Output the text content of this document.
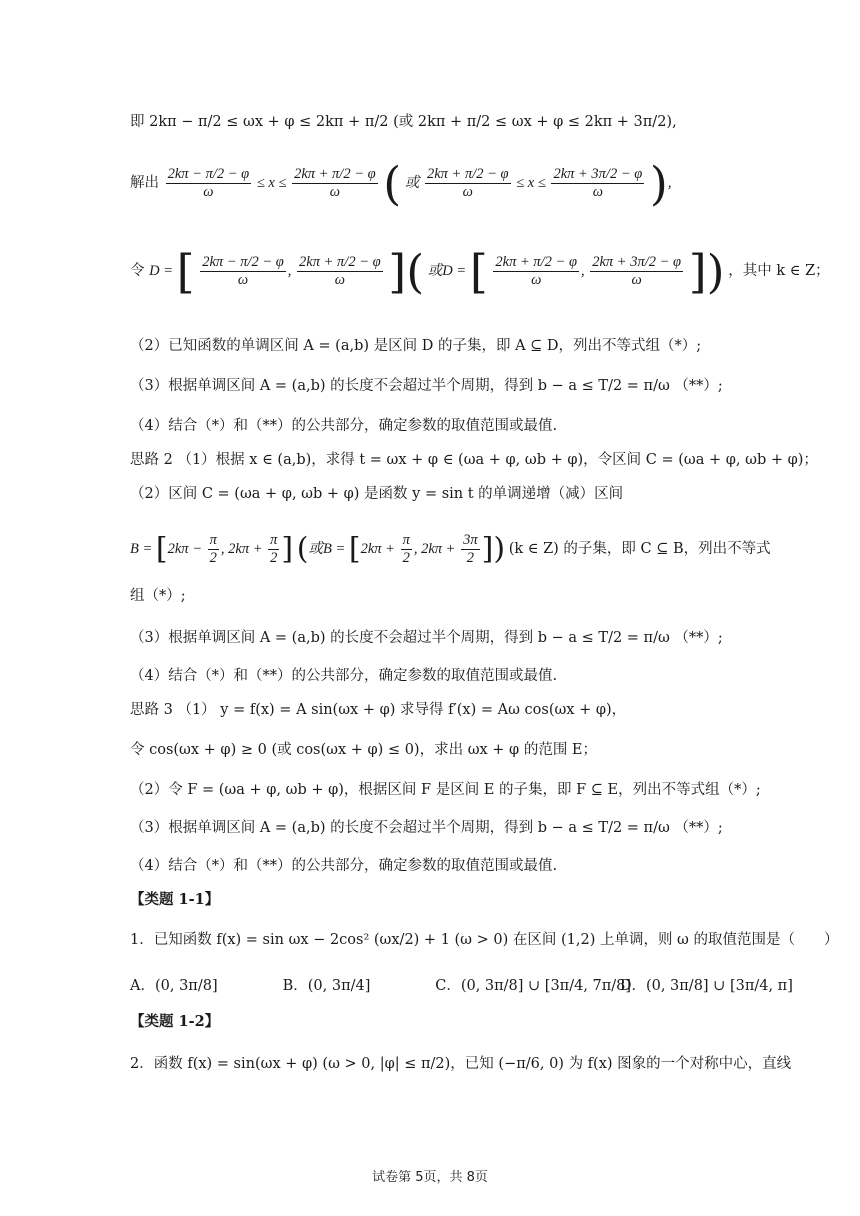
即 2kπ − π/2 ≤ ωx + φ ≤ 2kπ + π/2 (或 2kπ + π/2 ≤ ωx + φ ≤ 2kπ + 3π/2),
解出 $\frac{2k\pi - \pi/2 - \varphi}{\omega} \le x \le \frac{2k\pi + \pi/2 - \varphi}{\omega}$ ( 或 $\frac{2k\pi + \pi/2 - \varphi}{\omega} \le x \le \frac{2k\pi + 3\pi/2 - \varphi}{\omega}$ ),
令 D = [ $\frac{2k\pi - \pi/2 - \varphi}{\omega}$ , $\frac{2k\pi + \pi/2 - \varphi}{\omega}$ ]( 或D = [ $\frac{2k\pi + \pi/2 - \varphi}{\omega}$ , $\frac{2k\pi + 3\pi/2 - \varphi}{\omega}$ ]) ，其中 k ∈ Z；
（2）已知函数的单调区间 A = (a,b) 是区间 D 的子集，即 A ⊆ D，列出不等式组（*）;
（3）根据单调区间 A = (a,b) 的长度不会超过半个周期，得到 b − a ≤ T/2 = π/ω （**）;
（4）结合（*）和（**）的公共部分，确定参数的取值范围或最值.
思路 2 （1）根据 x ∈ (a,b)，求得 t = ωx + φ ∈ (ωa + φ, ωb + φ)，令区间 C = (ωa + φ, ωb + φ)；
（2）区间 C = (ωa + φ, ωb + φ) 是函数 y = sin t 的单调递增（减）区间
$B = [2k\pi - \frac{\pi}{2}$ , $2k\pi + \frac{\pi}{2}$ ] (或$B = [2k\pi + \frac{\pi}{2}$ , $2k\pi + \frac{3\pi}{2}$ ]) (k ∈ Z) 的子集，即 C ⊆ B，列出不等式
组（*）;
（3）根据单调区间 A = (a,b) 的长度不会超过半个周期，得到 b − a ≤ T/2 = π/ω （**）;
（4）结合（*）和（**）的公共部分，确定参数的取值范围或最值.
思路 3 （1） y = f(x) = A sin(ωx + φ) 求导得 f′(x) = Aω cos(ωx + φ)，
令 cos(ωx + φ) ≥ 0 (或 cos(ωx + φ) ≤ 0)，求出 ωx + φ 的范围 E；
（2）令 F = (ωa + φ, ωb + φ)，根据区间 F 是区间 E 的子集，即 F ⊆ E，列出不等式组（*）;
（3）根据单调区间 A = (a,b) 的长度不会超过半个周期，得到 b − a ≤ T/2 = π/ω （**）;
（4）结合（*）和（**）的公共部分，确定参数的取值范围或最值.
【类题 1-1】
1．已知函数 f(x) = sin ωx − 2cos² (ωx/2) + 1 (ω > 0) 在区间 (1,2) 上单调，则 ω 的取值范围是（　　）
A．(0, 3π/8]	B．(0, 3π/4]	C．(0, 3π/8] ∪ [3π/4, 7π/8] D．(0, 3π/8] ∪ [3π/4, π]
【类题 1-2】
2．函数 f(x) = sin(ωx + φ) (ω > 0, |φ| ≤ π/2)，已知 (−π/6, 0) 为 f(x) 图象的一个对称中心，直线
试卷第 5页，共 8页
